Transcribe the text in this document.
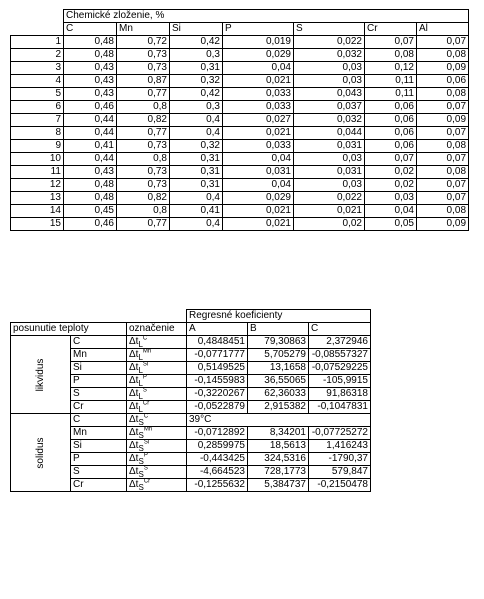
	Chemické zloženie, %						
	C	Mn	Si	P	S	Cr	Al
1	0,48	0,72	0,42	0,019	0,022	0,07	0,07
2	0,48	0,73	0,3	0,029	0,032	0,08	0,08
3	0,43	0,73	0,31	0,04	0,03	0,12	0,09
4	0,43	0,87	0,32	0,021	0,03	0,11	0,06
5	0,43	0,77	0,42	0,033	0,043	0,11	0,08
6	0,46	0,8	0,3	0,033	0,037	0,06	0,07
7	0,44	0,82	0,4	0,027	0,032	0,06	0,09
8	0,44	0,77	0,4	0,021	0,044	0,06	0,07
9	0,41	0,73	0,32	0,033	0,031	0,06	0,08
10	0,44	0,8	0,31	0,04	0,03	0,07	0,07
11	0,43	0,73	0,31	0,031	0,031	0,02	0,08
12	0,48	0,73	0,31	0,04	0,03	0,02	0,07
13	0,48	0,82	0,4	0,029	0,022	0,03	0,07
14	0,45	0,8	0,41	0,021	0,021	0,04	0,08
15	0,46	0,77	0,4	0,021	0,02	0,05	0,09
			Regresné koeficienty		
posunutie teploty		označenie	A	B	C

likvidus	C	$\Delta t_L^C$	0,4848451	79,30863	2,372946
	Mn	$\Delta t_L^{Mn}$	-0,0771777	5,705279	-0,08557327
	Si	$\Delta t_L^{Si}$	0,5149525	13,1658	-0,07529225
	P	$\Delta t_L^P$	-0,1455983	36,55065	-105,9915
	S	$\Delta t_L^S$	-0,3220267	62,36033	91,86318
	Cr	$\Delta t_L^{Cr}$	-0,0522879	2,915382	-0,1047831

solidus	C	$\Delta t_S^C$	39°C		
	Mn	$\Delta t_S^{Mn}$	-0,0712892	8,34201	-0,07725272
	Si	$\Delta t_S^{Si}$	0,2859975	18,5613	1,416243
	P	$\Delta t_S^P$	-0,443425	324,5316	-1790,37
	S	$\Delta t_S^S$	-4,664523	728,1773	579,847
	Cr	$\Delta t_S^{Cr}$	-0,1255632	5,384737	-0,2150478
